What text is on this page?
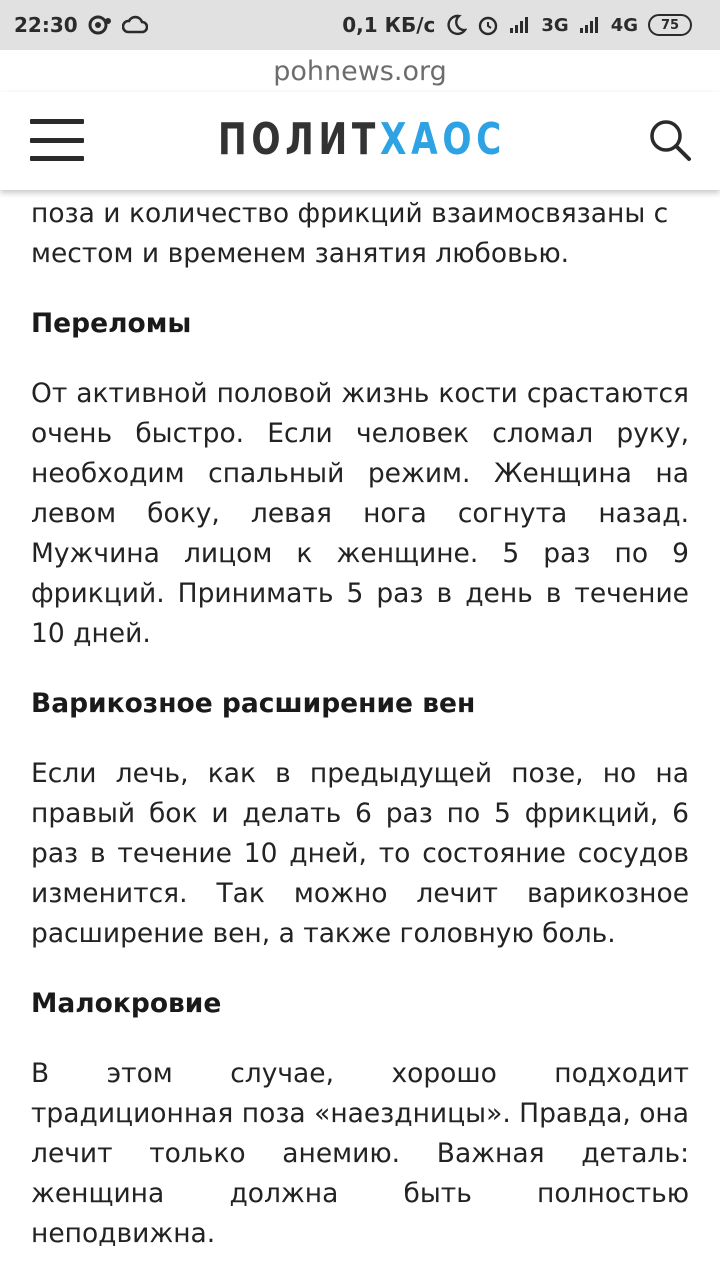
22:30	0,1 КБ/с	3G 4G 75
pohnews.org
ПОЛИТХАОС

поза и количество фрикций взаимосвязаны с местом и временем занятия любовью.

Переломы

От активной половой жизнь кости срастаются очень быстро. Если человек сломал руку, необходим спальный режим. Женщина на левом боку, левая нога согнута назад. Мужчина лицом к женщине. 5 раз по 9 фрикций. Принимать 5 раз в день в течение 10 дней.

Варикозное расширение вен

Если лечь, как в предыдущей позе, но на правый бок и делать 6 раз по 5 фрикций, 6 раз в течение 10 дней, то состояние сосудов изменится. Так можно лечит варикозное расширение вен, а также головную боль.

Малокровие

В этом случае, хорошо подходит традиционная поза «наездницы». Правда, она лечит только анемию. Важная деталь: женщина должна быть полностью неподвижна.
